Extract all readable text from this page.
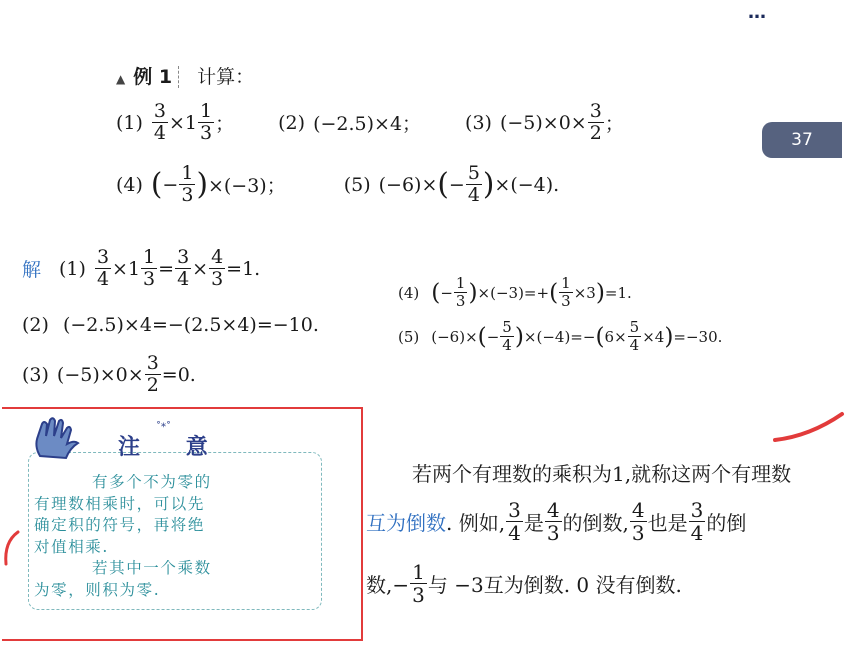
…
37
▲ 例 1 计算：
$(1) \frac{3}{4} \times 1 \frac{1}{3}$ ； (2) (−2.5)×4； (3) $(-5)\times 0\times \frac{3}{2}$ ；
(4) ( − $\frac{1}{3}$ ) ×(−3)；	(5) (−6)× ( − $\frac{5}{4}$ ) ×(−4).
解 $(1) \frac{3}{4} \times 1 \frac{1}{3} = \frac{3}{4} \times \frac{4}{3} =1$.
(2) (−2.5)×4=−(2.5×4)=−10.
(3) $(-5)\times 0\times \frac{3}{2} =0$.
(4) ( − $\frac{1}{3}$ ) ×(−3)=+ ( $\frac{1}{3} \times 3$ ) =1.
(5) (−6)× ( − $\frac{5}{4}$ ) ×(−4)=− ( $6\times \frac{5}{4} \times 4$ ) =−30.
注 意
˚*˚
有多个不为零的
有理数相乘时，可以先
确定积的符号，再将绝
对值相乘.
若其中一个乘数
为零，则积为零.
若两个有理数的乘积为1,就称这两个有理数
互为倒数 . 例如, $\frac{3}{4}$ 是 $\frac{4}{3}$ 的倒数, $\frac{4}{3}$ 也是 $\frac{3}{4}$ 的倒
数,− $\frac{1}{3}$ 与 −3互为倒数. 0 没有倒数.
